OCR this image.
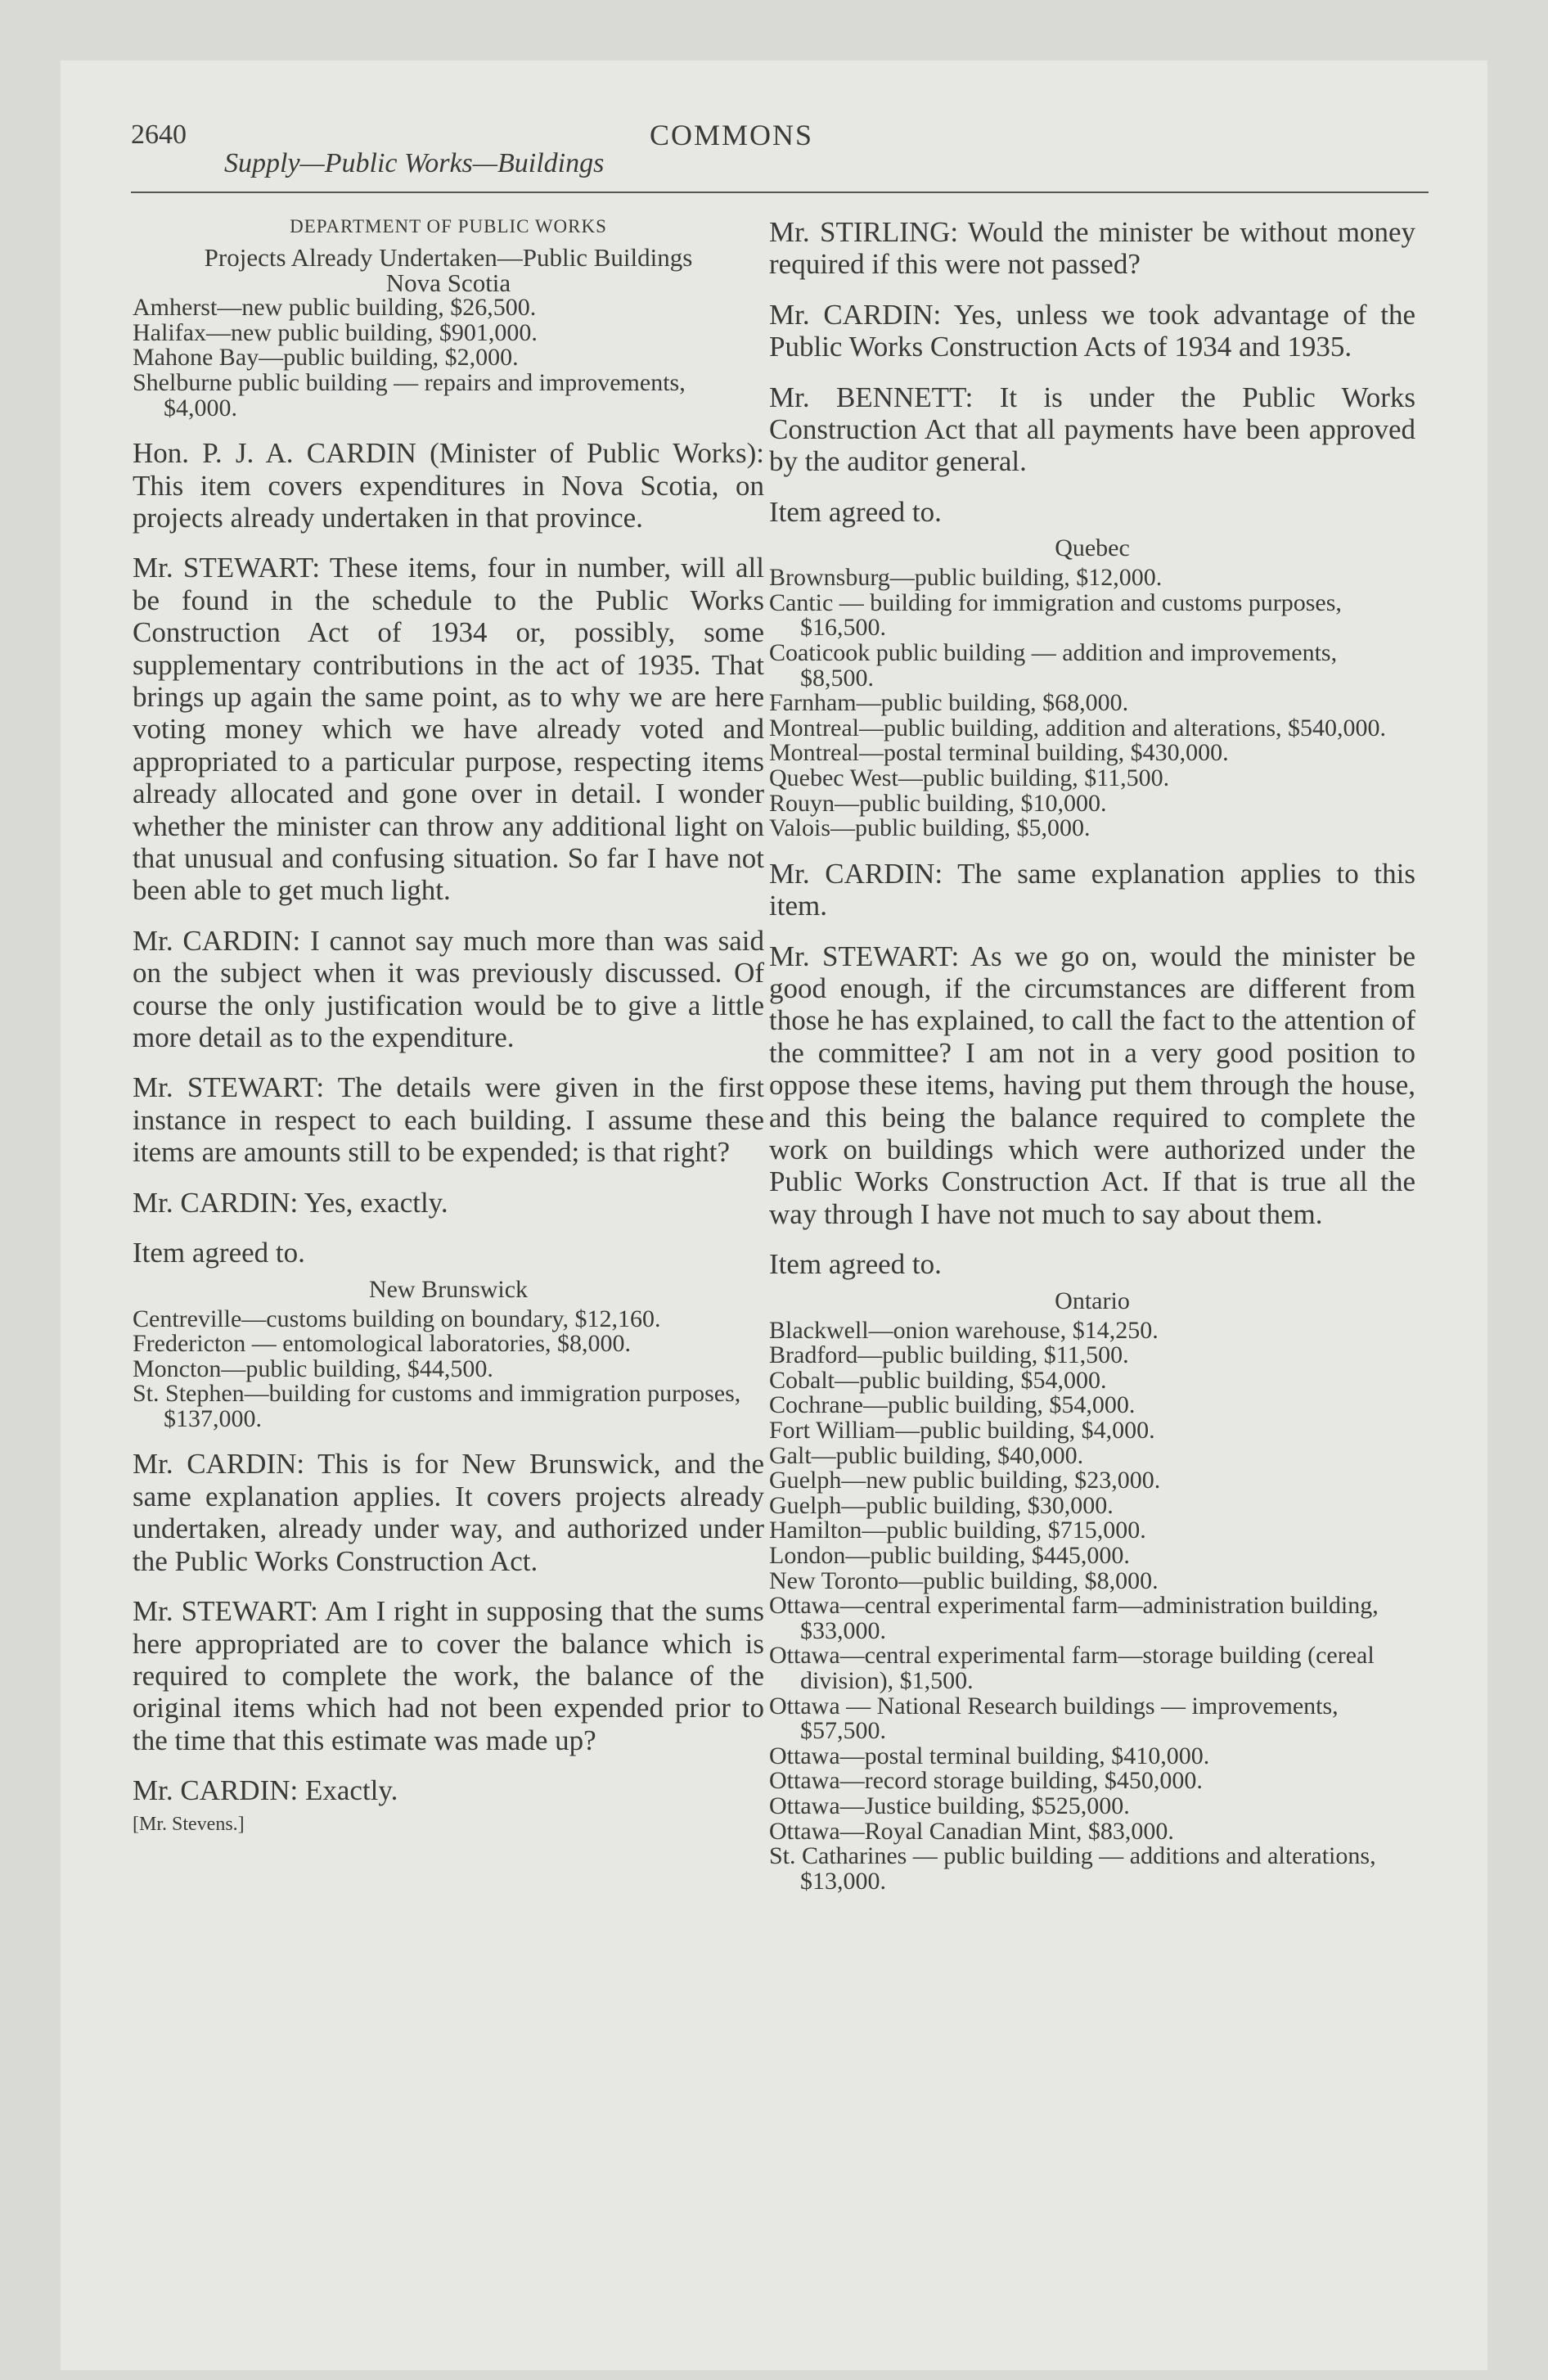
2640	COMMONS
Supply—Public Works—Buildings
DEPARTMENT OF PUBLIC WORKS

Projects Already Undertaken—Public Buildings

Nova Scotia

Amherst—new public building, $26,500.

Halifax—new public building, $901,000.

Mahone Bay—public building, $2,000.

Shelburne public building — repairs and improvements, $4,000.

Hon. P. J. A. CARDIN (Minister of Public Works): This item covers expenditures in Nova Scotia, on projects already undertaken in that province.

Mr. STEWART: These items, four in number, will all be found in the schedule to the Public Works Construction Act of 1934 or, possibly, some supplementary contributions in the act of 1935. That brings up again the same point, as to why we are here voting money which we have already voted and appropriated to a particular purpose, respecting items already allocated and gone over in detail. I wonder whether the minister can throw any additional light on that unusual and confusing situation. So far I have not been able to get much light.

Mr. CARDIN: I cannot say much more than was said on the subject when it was previously discussed. Of course the only justification would be to give a little more detail as to the expenditure.

Mr. STEWART: The details were given in the first instance in respect to each building. I assume these items are amounts still to be expended; is that right?

Mr. CARDIN: Yes, exactly.

Item agreed to.

New Brunswick

Centreville—customs building on boundary, $12,160.

Fredericton — entomological laboratories, $8,000.

Moncton—public building, $44,500.

St. Stephen—building for customs and immigration purposes, $137,000.

Mr. CARDIN: This is for New Brunswick, and the same explanation applies. It covers projects already undertaken, already under way, and authorized under the Public Works Construction Act.

Mr. STEWART: Am I right in supposing that the sums here appropriated are to cover the balance which is required to complete the work, the balance of the original items which had not been expended prior to the time that this estimate was made up?

Mr. CARDIN: Exactly.

[Mr. Stevens.]

Mr. STIRLING: Would the minister be without money required if this were not passed?

Mr. CARDIN: Yes, unless we took advantage of the Public Works Construction Acts of 1934 and 1935.

Mr. BENNETT: It is under the Public Works Construction Act that all payments have been approved by the auditor general.

Item agreed to.

Quebec

Brownsburg—public building, $12,000.

Cantic — building for immigration and customs purposes, $16,500.

Coaticook public building — addition and improvements, $8,500.

Farnham—public building, $68,000.

Montreal—public building, addition and alterations, $540,000.

Montreal—postal terminal building, $430,000.

Quebec West—public building, $11,500.

Rouyn—public building, $10,000.

Valois—public building, $5,000.

Mr. CARDIN: The same explanation applies to this item.

Mr. STEWART: As we go on, would the minister be good enough, if the circumstances are different from those he has explained, to call the fact to the attention of the committee? I am not in a very good position to oppose these items, having put them through the house, and this being the balance required to complete the work on buildings which were authorized under the Public Works Construction Act. If that is true all the way through I have not much to say about them.

Item agreed to.

Ontario

Blackwell—onion warehouse, $14,250.

Bradford—public building, $11,500.

Cobalt—public building, $54,000.

Cochrane—public building, $54,000.

Fort William—public building, $4,000.

Galt—public building, $40,000.

Guelph—new public building, $23,000.

Guelph—public building, $30,000.

Hamilton—public building, $715,000.

London—public building, $445,000.

New Toronto—public building, $8,000.

Ottawa—central experimental farm—administration building, $33,000.

Ottawa—central experimental farm—storage building (cereal division), $1,500.

Ottawa — National Research buildings — improvements, $57,500.

Ottawa—postal terminal building, $410,000.

Ottawa—record storage building, $450,000.

Ottawa—Justice building, $525,000.

Ottawa—Royal Canadian Mint, $83,000.

St. Catharines — public building — additions and alterations, $13,000.
